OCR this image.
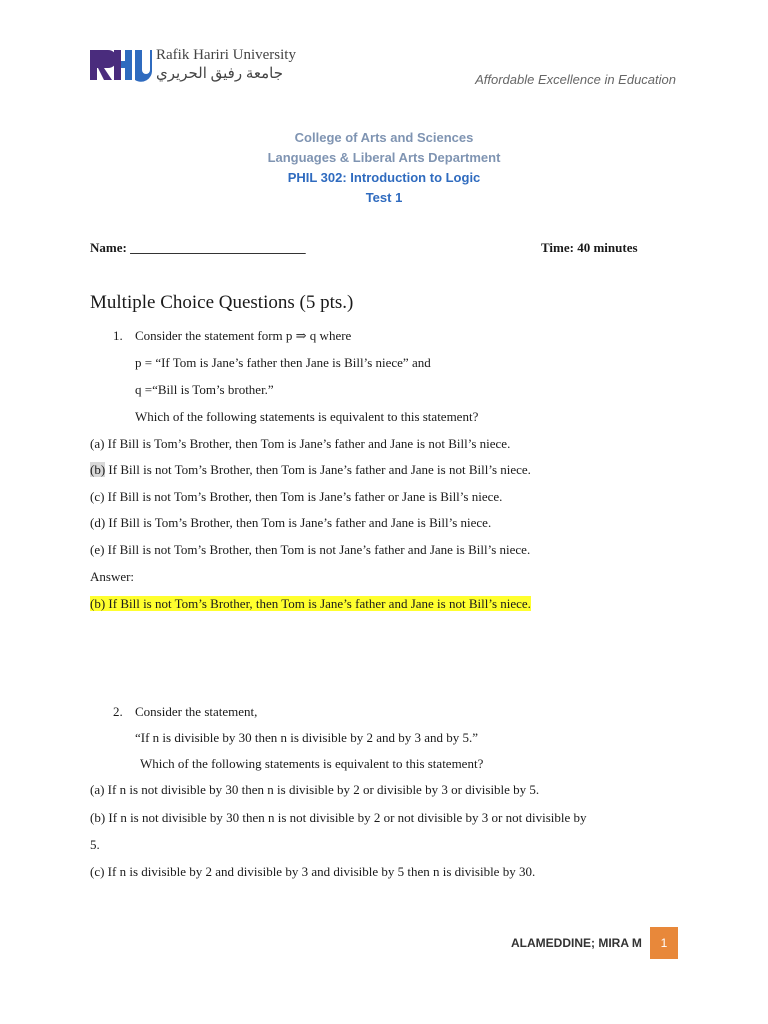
Rafik Hariri University
جامعة رفيق الحريري	Affordable Excellence in Education
College of Arts and Sciences
Languages & Liberal Arts Department
PHIL 302: Introduction to Logic
Test 1
Name: ___________________________	Time: 40 minutes
Multiple Choice Questions (5 pts.)
1. Consider the statement form p ⇒ q where
p = “If Tom is Jane’s father then Jane is Bill’s niece” and
q =“Bill is Tom’s brother.”
Which of the following statements is equivalent to this statement?
(a) If Bill is Tom’s Brother, then Tom is Jane’s father and Jane is not Bill’s niece.
(b) If Bill is not Tom’s Brother, then Tom is Jane’s father and Jane is not Bill’s niece.
(c) If Bill is not Tom’s Brother, then Tom is Jane’s father or Jane is Bill’s niece.
(d) If Bill is Tom’s Brother, then Tom is Jane’s father and Jane is Bill’s niece.
(e) If Bill is not Tom’s Brother, then Tom is not Jane’s father and Jane is Bill’s niece.
Answer:
(b) If Bill is not Tom’s Brother, then Tom is Jane’s father and Jane is not Bill’s niece.
2. Consider the statement,
“If n is divisible by 30 then n is divisible by 2 and by 3 and by 5.”
Which of the following statements is equivalent to this statement?
(a) If n is not divisible by 30 then n is divisible by 2 or divisible by 3 or divisible by 5.
(b) If n is not divisible by 30 then n is not divisible by 2 or not divisible by 3 or not divisible by
5.
(c) If n is divisible by 2 and divisible by 3 and divisible by 5 then n is divisible by 30.
ALAMEDDINE; MIRA M	1
